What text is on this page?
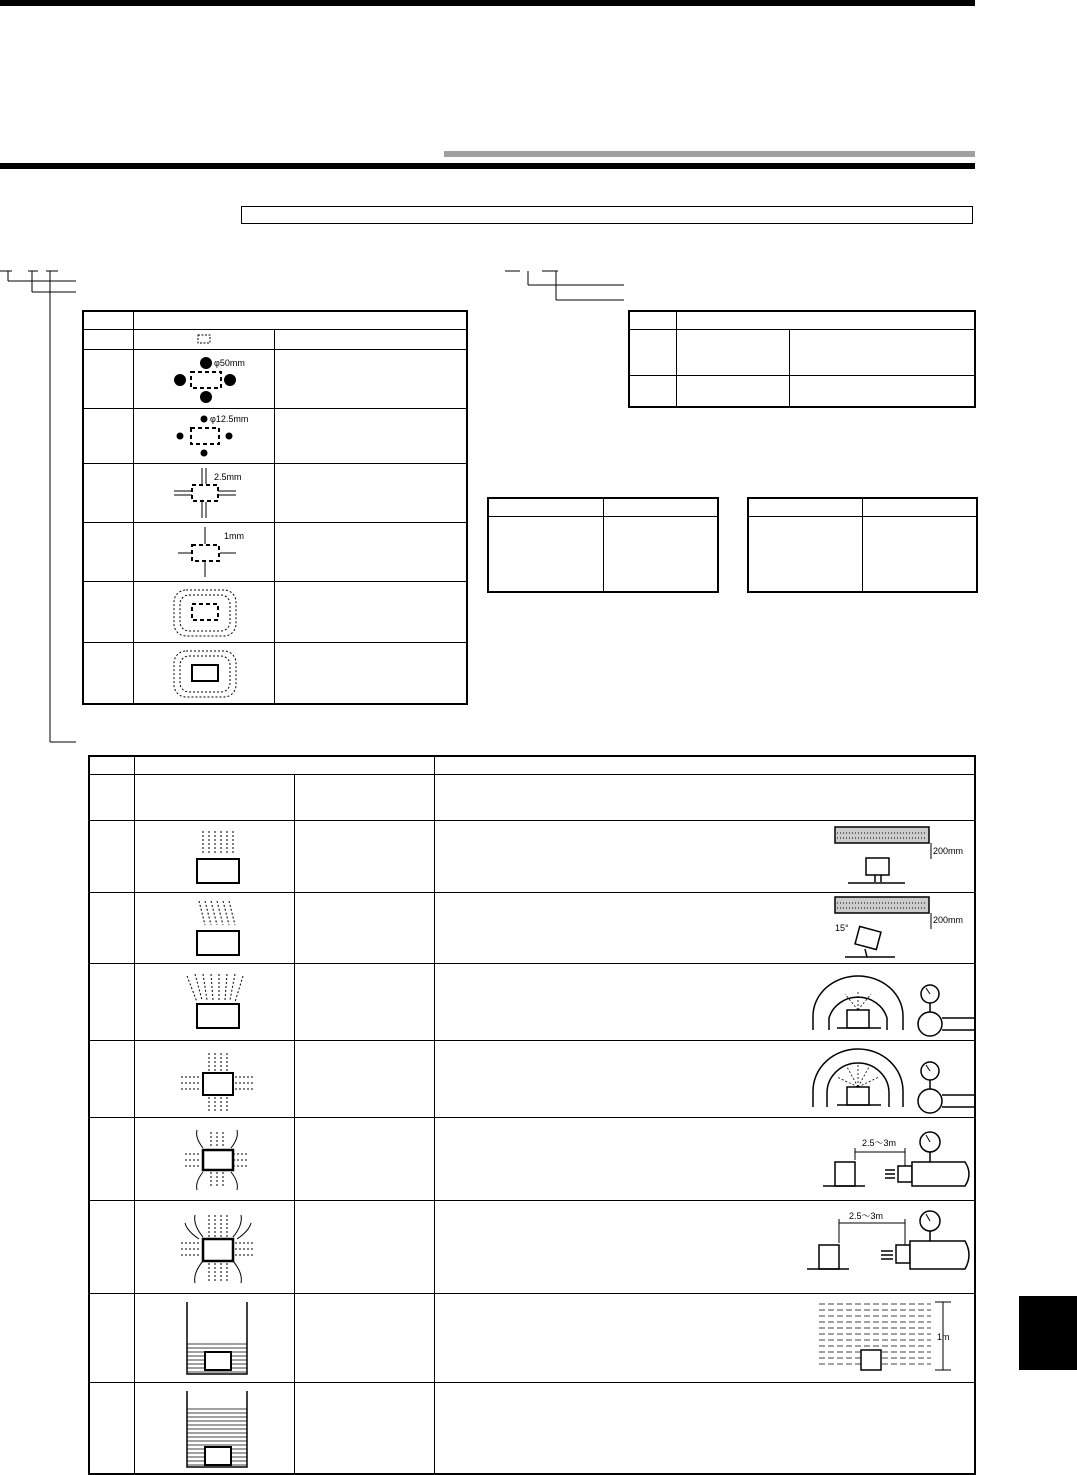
φ50mm	

φ12.5mm	

2.5mm	

1mm	

200mm

15°
200mm

2.5～3m

2.5～3m

1m
